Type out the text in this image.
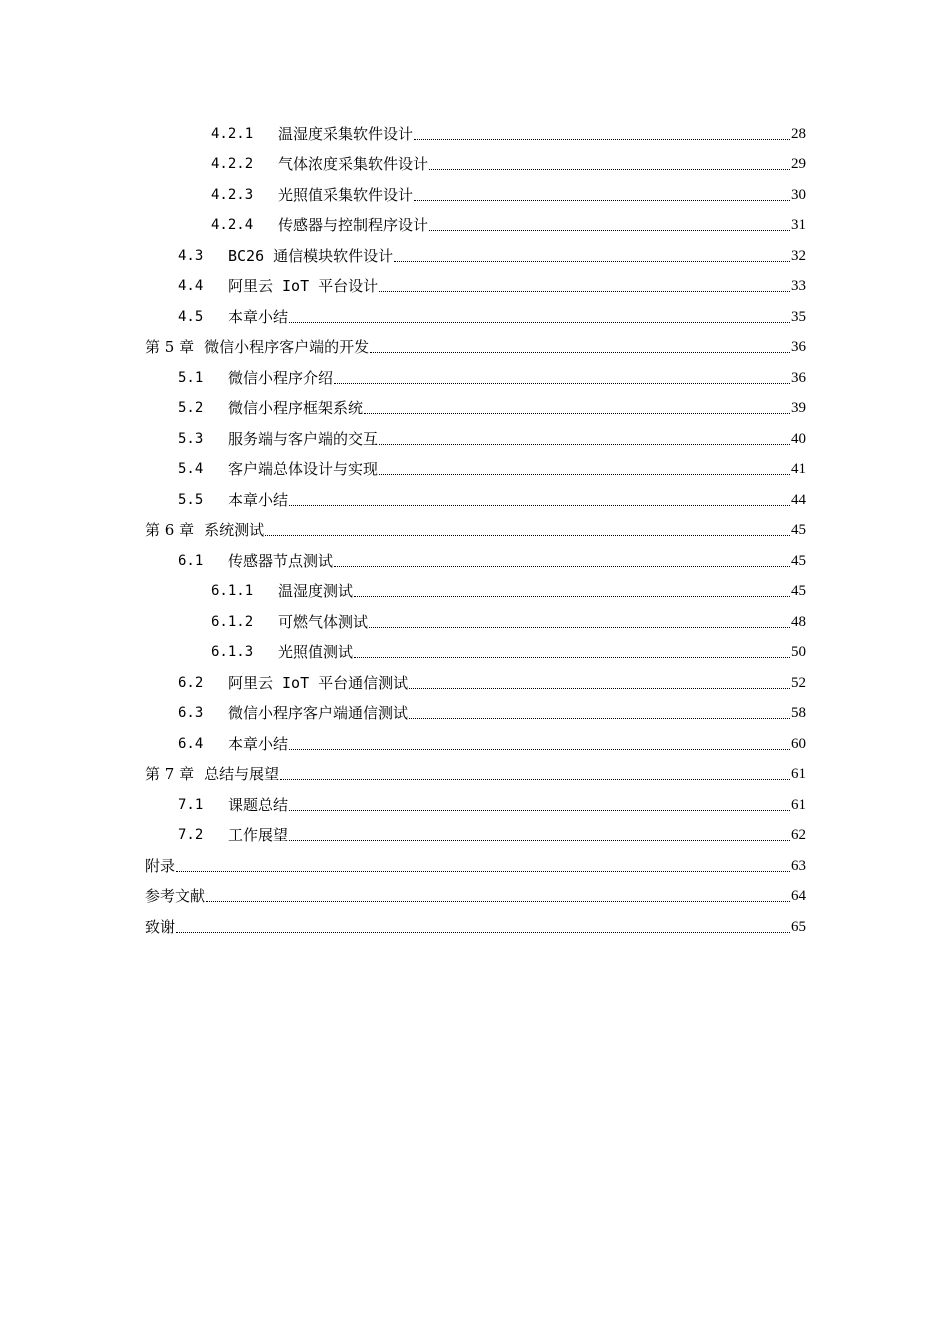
4.2.1	温湿度采集软件设计	28
4.2.2	气体浓度采集软件设计	29
4.2.3	光照值采集软件设计	30
4.2.4	传感器与控制程序设计	31
4.3	BC26 通信模块软件设计	32
4.4	阿里云 IoT 平台设计	33
4.5	本章小结	35
第 5 章 微信小程序客户端的开发	36
5.1	微信小程序介绍	36
5.2	微信小程序框架系统	39
5.3	服务端与客户端的交互	40
5.4	客户端总体设计与实现	41
5.5	本章小结	44
第 6 章 系统测试	45
6.1	传感器节点测试	45
6.1.1	温湿度测试	45
6.1.2	可燃气体测试	48
6.1.3	光照值测试	50
6.2	阿里云 IoT 平台通信测试	52
6.3	微信小程序客户端通信测试	58
6.4	本章小结	60
第 7 章 总结与展望	61
7.1	课题总结	61
7.2	工作展望	62
附录	63
参考文献	64
致谢	65
